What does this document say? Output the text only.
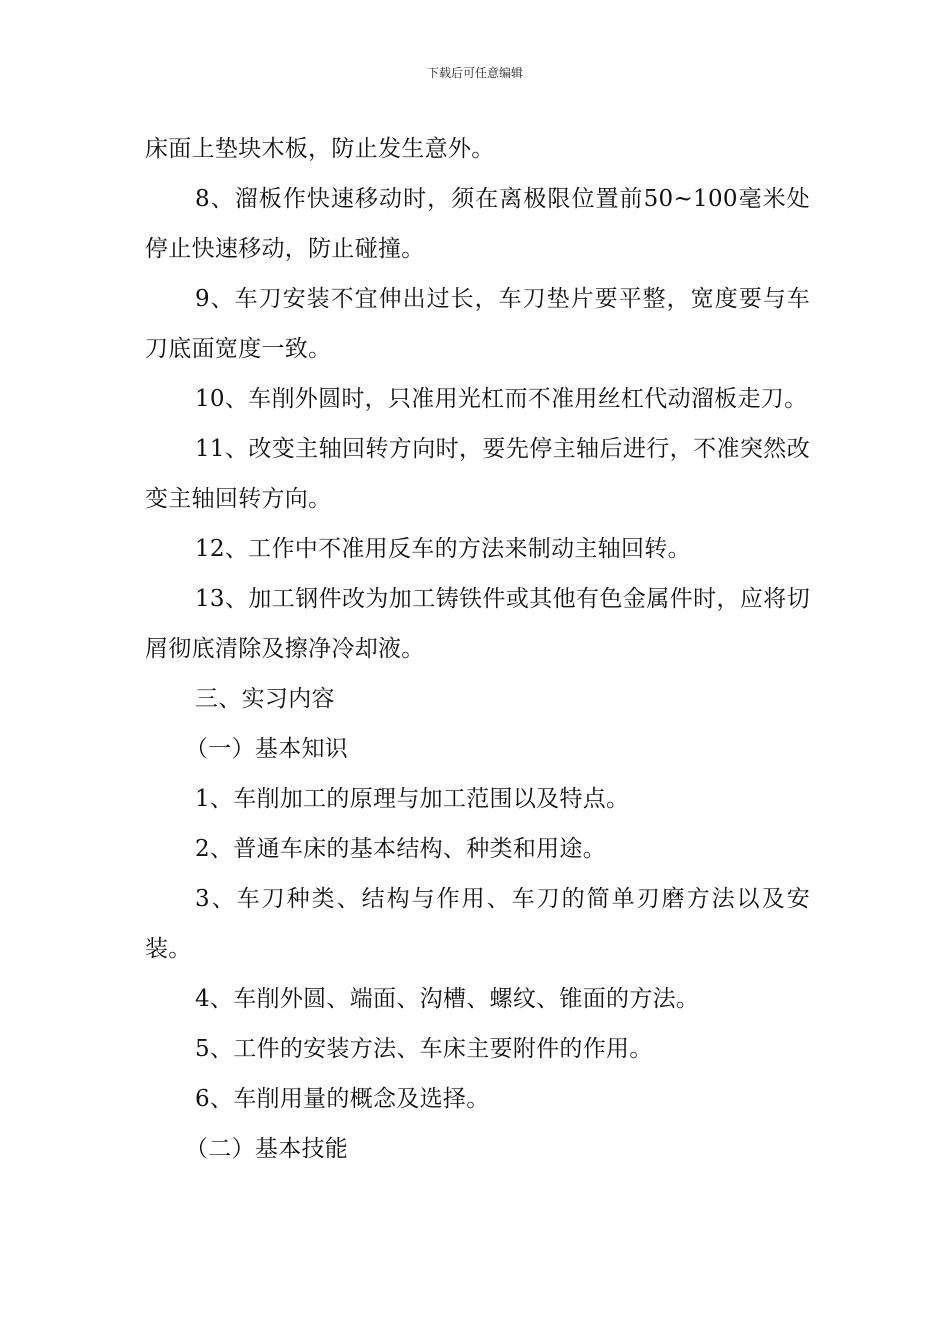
下载后可任意编辑

床面上垫块木板，防止发生意外。

8、溜板作快速移动时，须在离极限位置前50~100毫米处停止快速移动，防止碰撞。

9、车刀安装不宜伸出过长，车刀垫片要平整，宽度要与车刀底面宽度一致。

10、车削外圆时，只准用光杠而不准用丝杠代动溜板走刀。

11、改变主轴回转方向时，要先停主轴后进行，不准突然改变主轴回转方向。

12、工作中不准用反车的方法来制动主轴回转。

13、加工钢件改为加工铸铁件或其他有色金属件时，应将切屑彻底清除及擦净冷却液。

三、实习内容

（一）基本知识

1、车削加工的原理与加工范围以及特点。

2、普通车床的基本结构、种类和用途。

3、车刀种类、结构与作用、车刀的简单刃磨方法以及安装。

4、车削外圆、端面、沟槽、螺纹、锥面的方法。

5、工件的安装方法、车床主要附件的作用。

6、车削用量的概念及选择。

（二）基本技能
